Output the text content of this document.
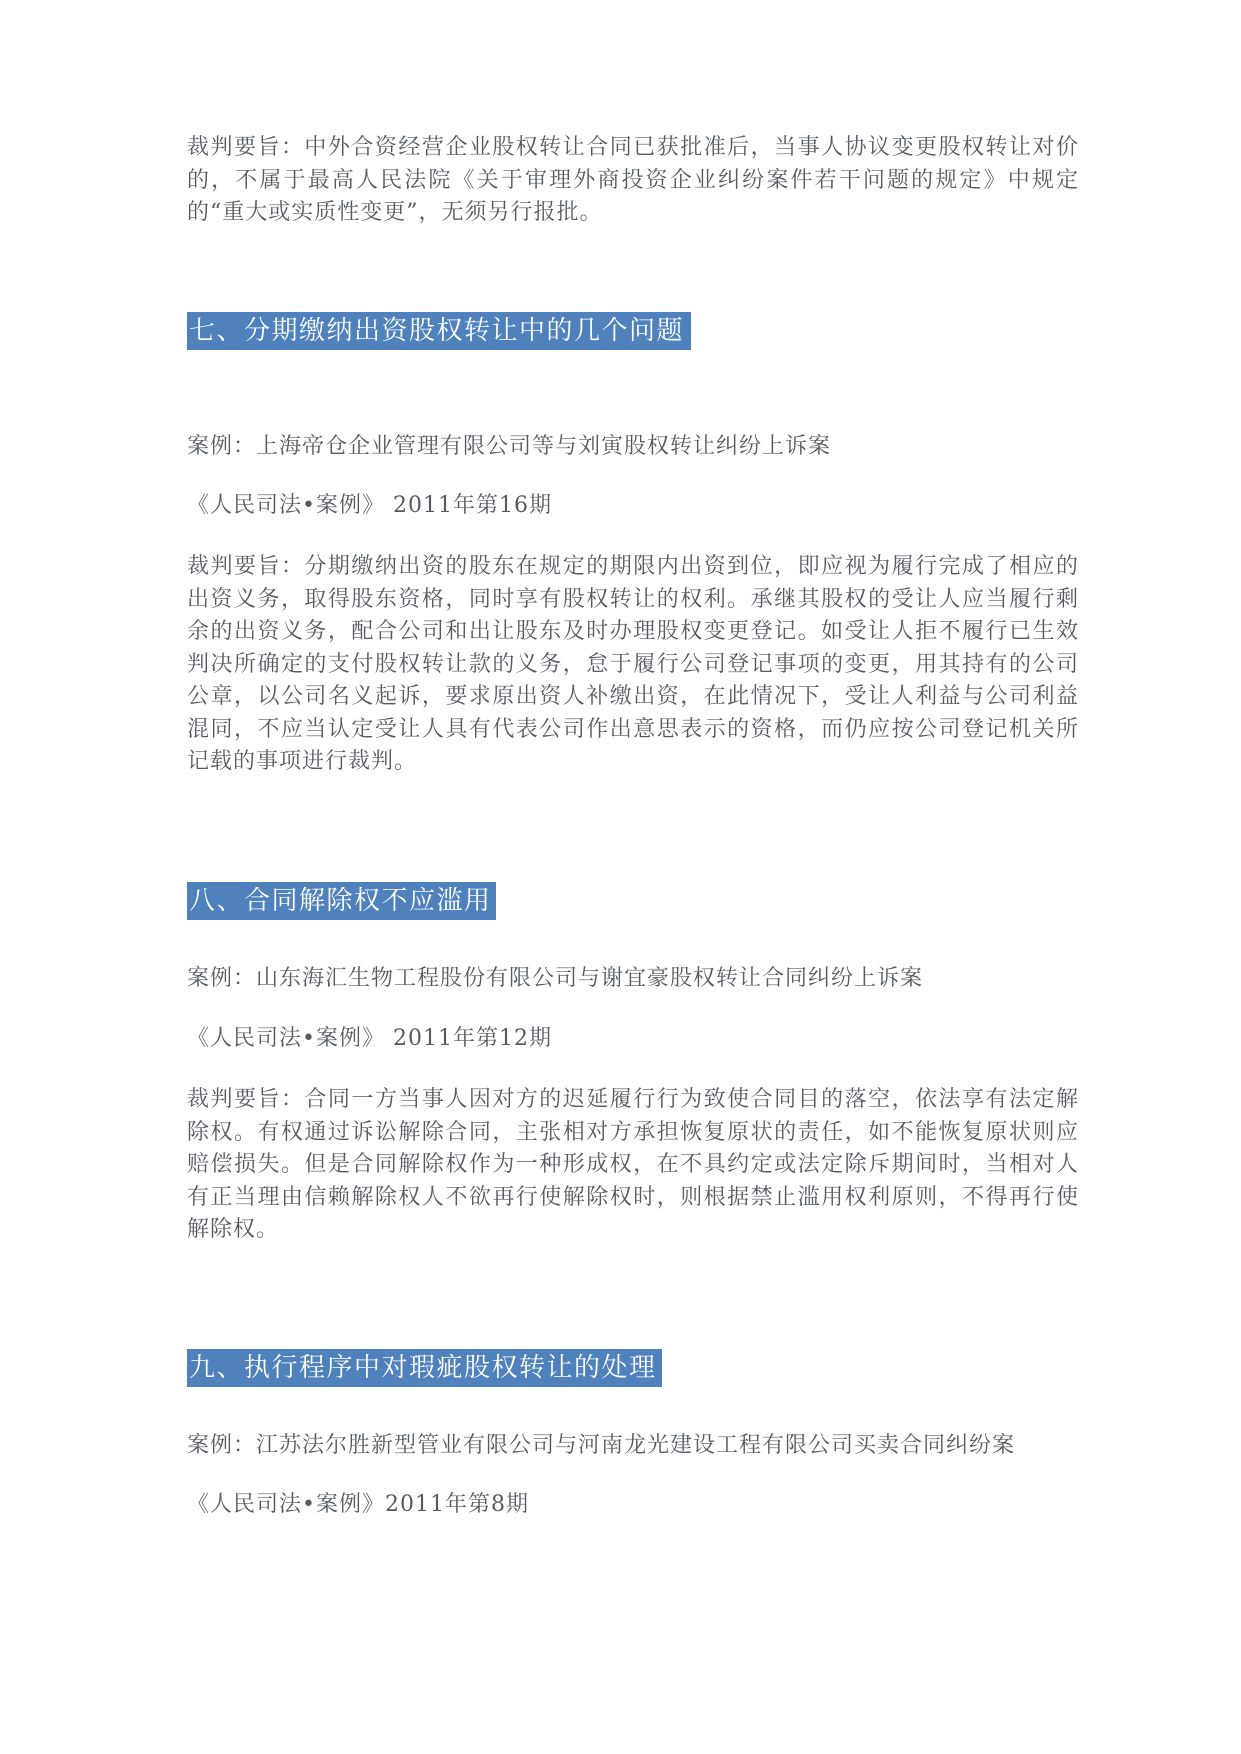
裁判要旨：中外合资经营企业股权转让合同已获批准后，当事人协议变更股权转让对价的，不属于最高人民法院《关于审理外商投资企业纠纷案件若干问题的规定》中规定的“重大或实质性变更”，无须另行报批。

七、分期缴纳出资股权转让中的几个问题

案例：上海帝仓企业管理有限公司等与刘寅股权转让纠纷上诉案

《人民司法•案例》 2011年第16期

裁判要旨：分期缴纳出资的股东在规定的期限内出资到位，即应视为履行完成了相应的出资义务，取得股东资格，同时享有股权转让的权利。承继其股权的受让人应当履行剩余的出资义务，配合公司和出让股东及时办理股权变更登记。如受让人拒不履行已生效判决所确定的支付股权转让款的义务，怠于履行公司登记事项的变更，用其持有的公司公章，以公司名义起诉，要求原出资人补缴出资，在此情况下，受让人利益与公司利益混同，不应当认定受让人具有代表公司作出意思表示的资格，而仍应按公司登记机关所记载的事项进行裁判。

八、合同解除权不应滥用

案例：山东海汇生物工程股份有限公司与谢宜豪股权转让合同纠纷上诉案

《人民司法•案例》 2011年第12期

裁判要旨：合同一方当事人因对方的迟延履行行为致使合同目的落空，依法享有法定解除权。有权通过诉讼解除合同，主张相对方承担恢复原状的责任，如不能恢复原状则应赔偿损失。但是合同解除权作为一种形成权，在不具约定或法定除斥期间时，当相对人有正当理由信赖解除权人不欲再行使解除权时，则根据禁止滥用权利原则，不得再行使解除权。

九、执行程序中对瑕疵股权转让的处理

案例：江苏法尔胜新型管业有限公司与河南龙光建设工程有限公司买卖合同纠纷案

《人民司法•案例》2011年第8期
